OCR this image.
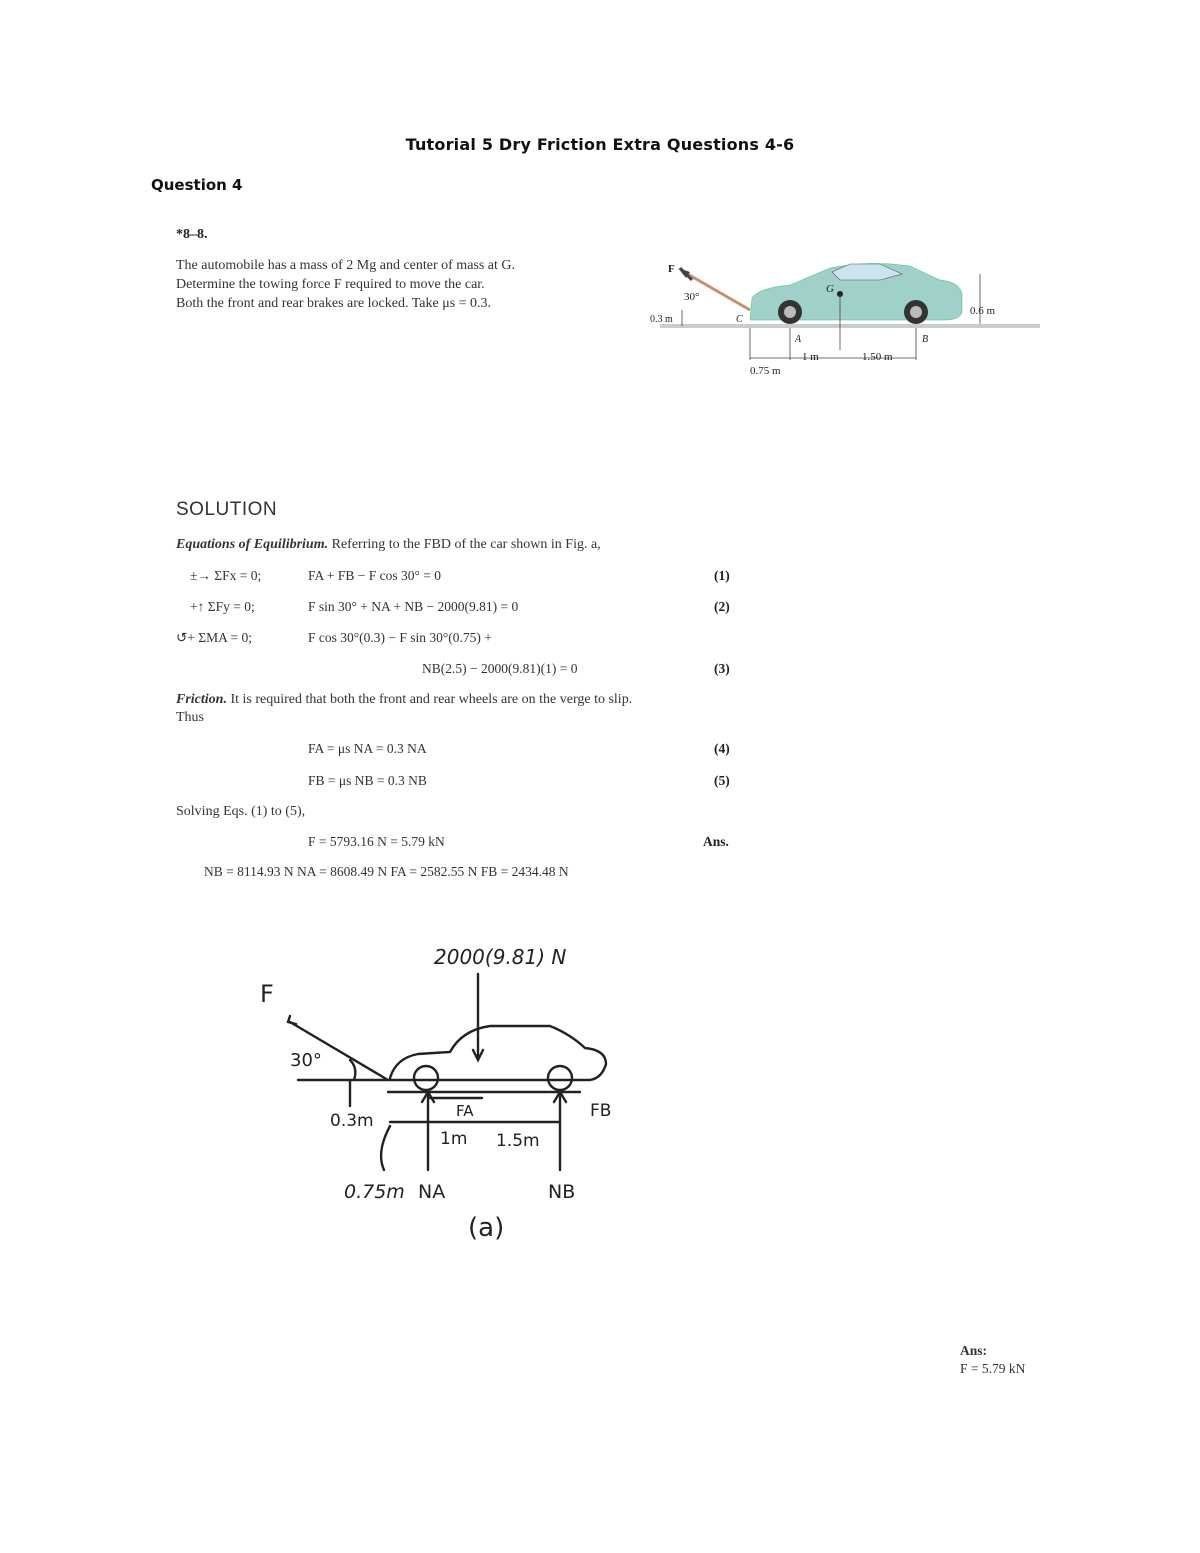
Tutorial 5 Dry Friction Extra Questions 4-6
Question 4
*8–8.
The automobile has a mass of 2 Mg and center of mass at G.
Determine the towing force F required to move the car.
Both the front and rear brakes are locked. Take μs = 0.3.
F
30°
0.3 m	C
G
A	B
0.6 m
1 m	1.50 m
0.75 m
SOLUTION
Equations of Equilibrium. Referring to the FBD of the car shown in Fig. a,
±→ ΣFx = 0;	FA + FB − F cos 30° = 0	(1)
+↑ ΣFy = 0;	F sin 30° + NA + NB − 2000(9.81) = 0	(2)
↺+ ΣMA = 0;	F cos 30°(0.3) − F sin 30°(0.75) +
NB(2.5) − 2000(9.81)(1) = 0	(3)
Friction. It is required that both the front and rear wheels are on the verge to slip.
Thus
FA = μs NA = 0.3 NA	(4)
FB = μs NB = 0.3 NB	(5)
Solving Eqs. (1) to (5),
F = 5793.16 N = 5.79 kN	Ans.
NB = 8114.93 N NA = 8608.49 N FA = 2582.55 N FB = 2434.48 N
2000(9.81) N
F
30°
0.3m	FA	FB
1m 1.5m
0.75m NA	NB
(a)
Ans:
F = 5.79 kN
